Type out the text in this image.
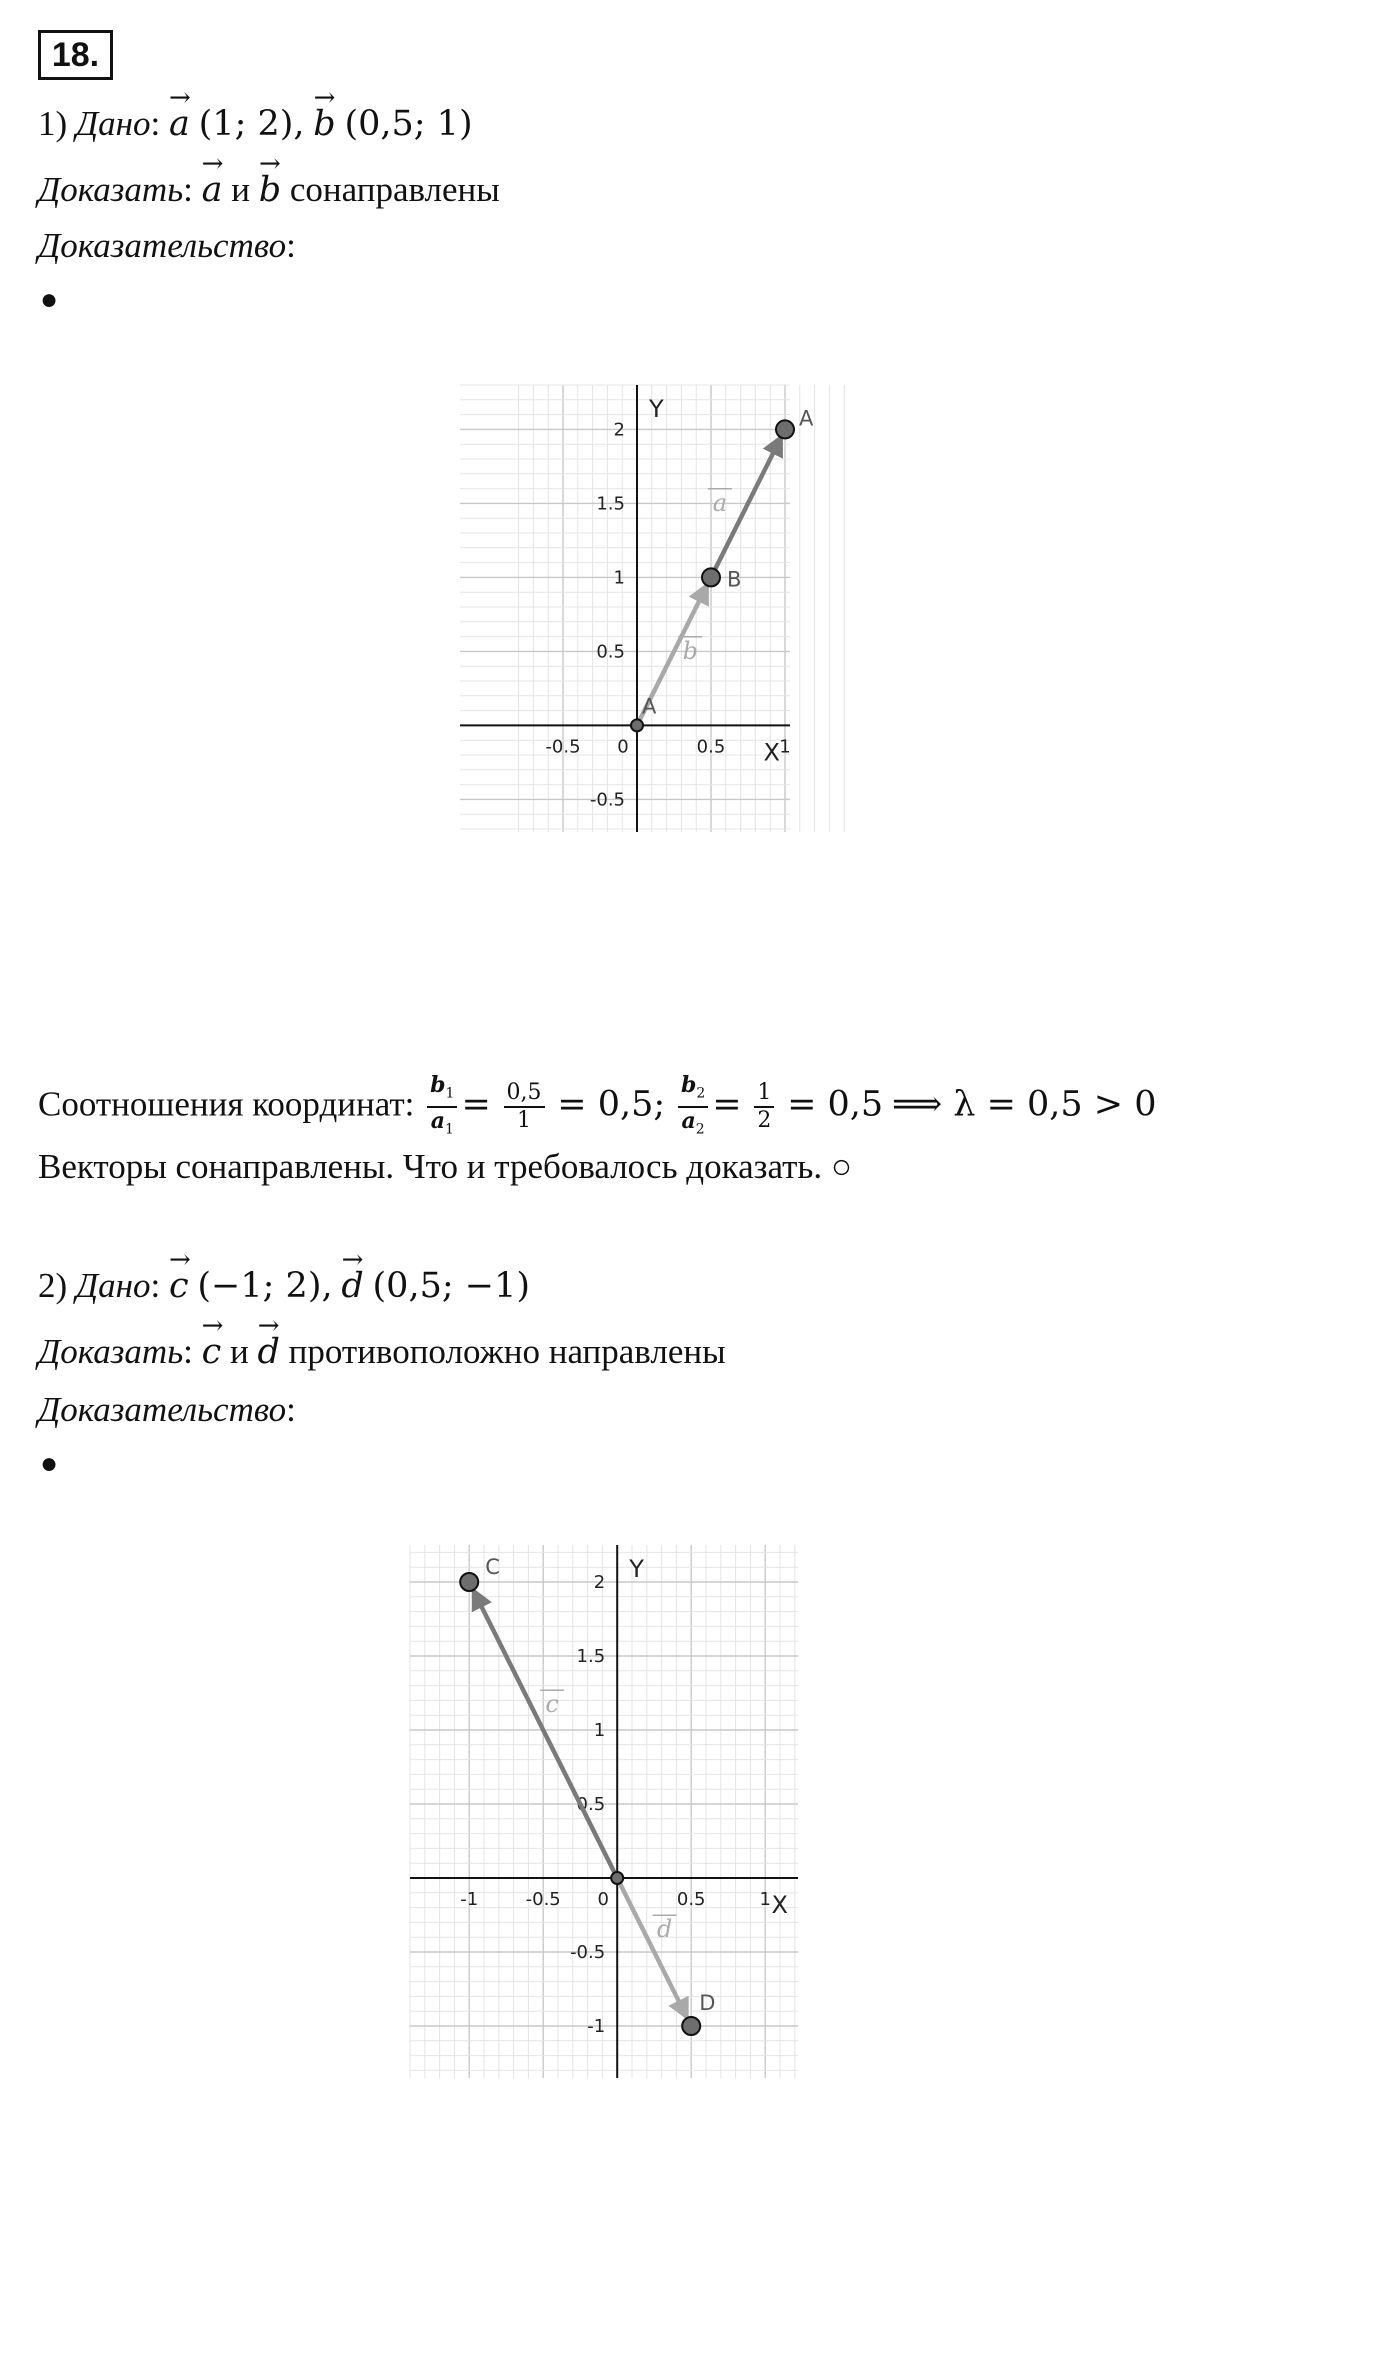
18.
1) Дано: → a (1; 2), → b (0,5; 1)
Доказать: → a и → b сонаправлены
Доказательство:
●
-0.5 0	0.5	1
2
1.5
1
0.5
-0.5
X
Y	A
B
A
a
b
Соотношения координат: $\frac{b_1}{a_1} = \frac{0,5}{1} = 0,5$; $\frac{b_2}{a_2} = \frac{1}{2} = 0,5$ ⟹ λ = 0,5 > 0
Векторы сонаправлены. Что и требовалось доказать. ○
2) Дано: → c (−1; 2), → d (0,5; −1)
Доказать: → c и → d противоположно направлены
Доказательство:
●
-1	-0.5 0	0.5	1
2
1.5
1
0.5
-0.5
-1
X
Y
C
D
c
d
